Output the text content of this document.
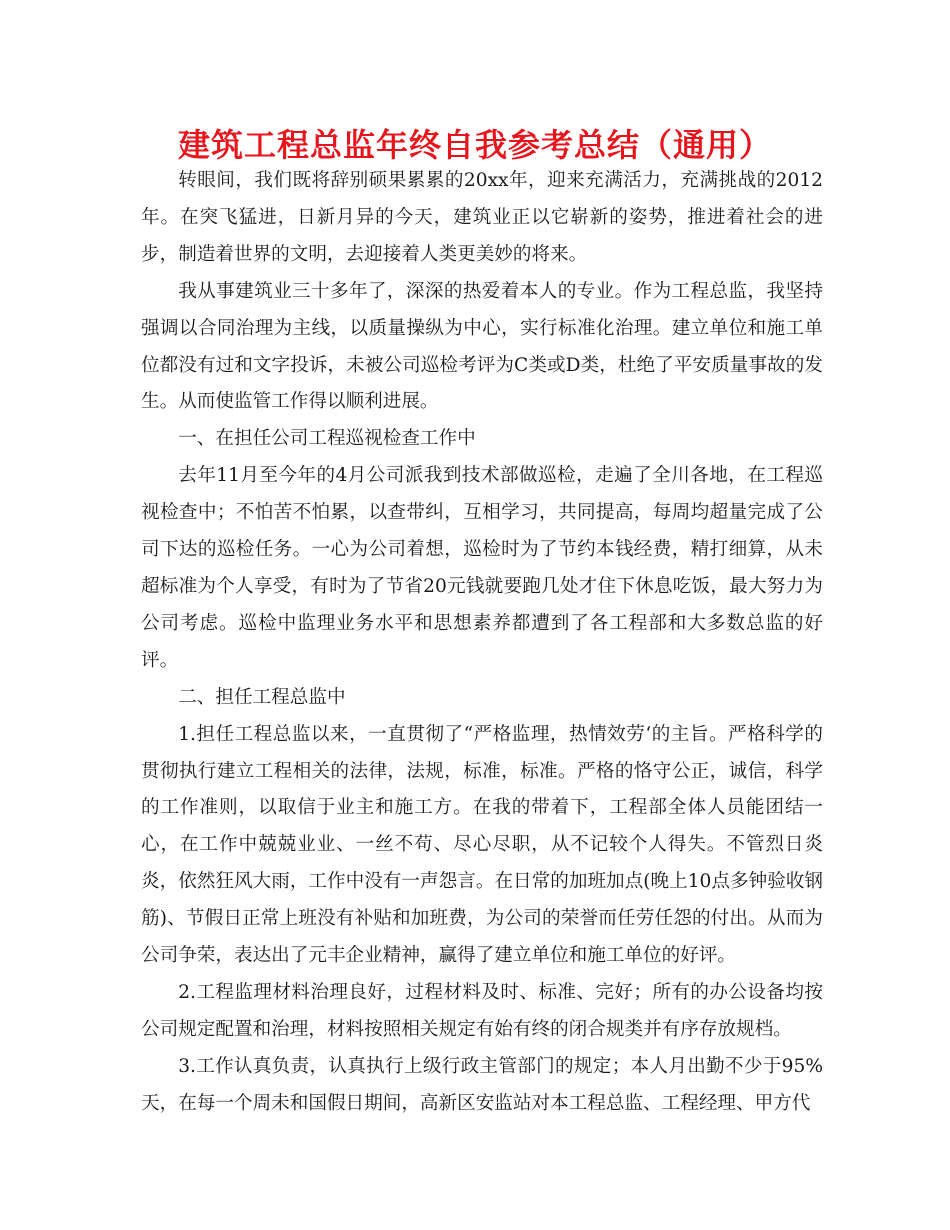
建筑工程总监年终自我参考总结（通用）

转眼间，我们既将辞别硕果累累的20xx年，迎来充满活力，充满挑战的2012年。在突飞猛进，日新月异的今天，建筑业正以它崭新的姿势，推进着社会的进步，制造着世界的文明，去迎接着人类更美妙的将来。

我从事建筑业三十多年了，深深的热爱着本人的专业。作为工程总监，我坚持强调以合同治理为主线，以质量操纵为中心，实行标准化治理。建立单位和施工单位都没有过和文字投诉，未被公司巡检考评为C类或D类，杜绝了平安质量事故的发生。从而使监管工作得以顺利进展。

一、在担任公司工程巡视检查工作中

去年11月至今年的4月公司派我到技术部做巡检，走遍了全川各地，在工程巡视检查中；不怕苦不怕累，以查带纠，互相学习，共同提高，每周均超量完成了公司下达的巡检任务。一心为公司着想，巡检时为了节约本钱经费，精打细算，从未超标准为个人享受，有时为了节省20元钱就要跑几处才住下休息吃饭，最大努力为公司考虑。巡检中监理业务水平和思想素养都遭到了各工程部和大多数总监的好评。

二、担任工程总监中

1.担任工程总监以来，一直贯彻了“严格监理，热情效劳‘的主旨。严格科学的贯彻执行建立工程相关的法律，法规，标准，标准。严格的恪守公正，诚信，科学的工作准则，以取信于业主和施工方。在我的带着下，工程部全体人员能团结一心，在工作中兢兢业业、一丝不苟、尽心尽职，从不记较个人得失。不管烈日炎炎，依然狂风大雨，工作中没有一声怨言。在日常的加班加点(晚上10点多钟验收钢筋)、节假日正常上班没有补贴和加班费，为公司的荣誉而任劳任怨的付出。从而为公司争荣，表达出了元丰企业精神，赢得了建立单位和施工单位的好评。

2.工程监理材料治理良好，过程材料及时、标准、完好；所有的办公设备均按公司规定配置和治理，材料按照相关规定有始有终的闭合规类并有序存放规档。

3.工作认真负责，认真执行上级行政主管部门的规定；本人月出勤不少于95%天，在每一个周未和国假日期间，高新区安监站对本工程总监、工程经理、甲方代
